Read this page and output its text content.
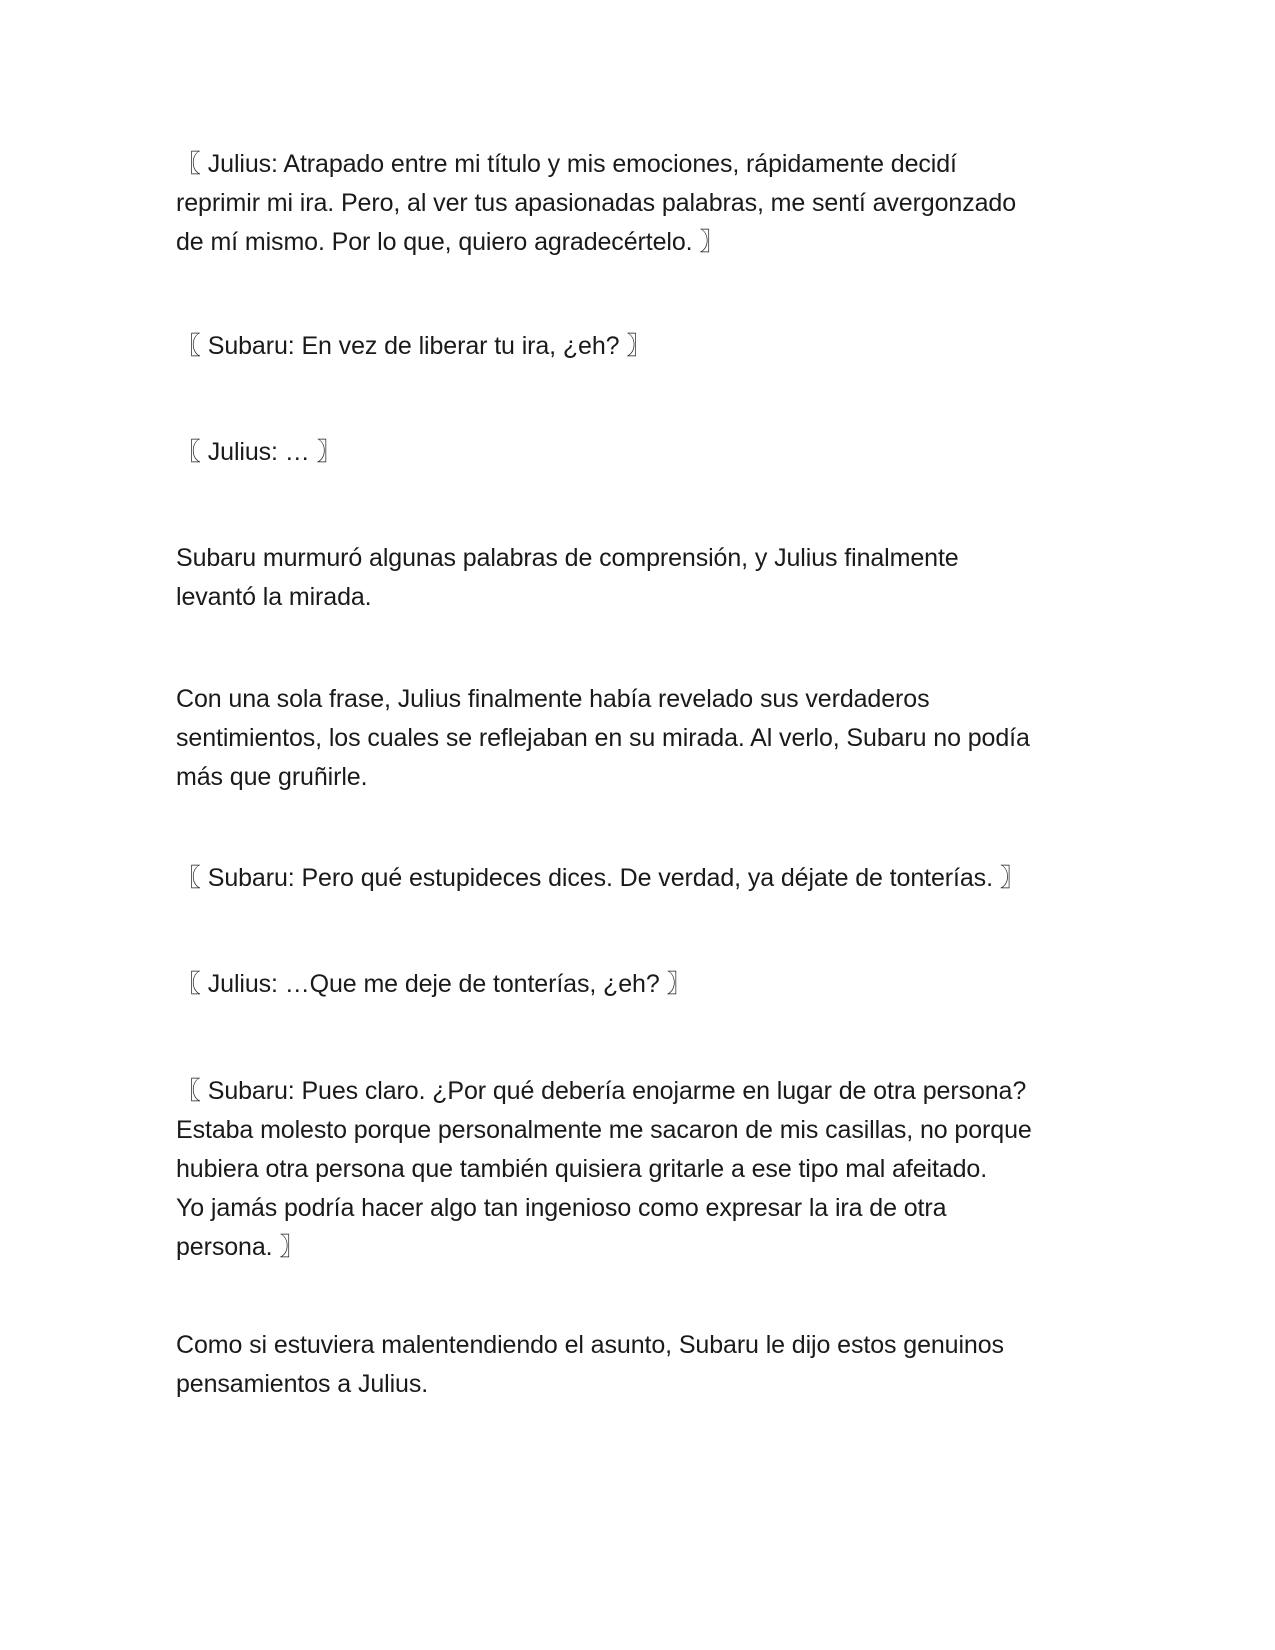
〖 Julius: Atrapado entre mi título y mis emociones, rápidamente decidí
reprimir mi ira. Pero, al ver tus apasionadas palabras, me sentí avergonzado
de mí mismo. Por lo que, quiero agradecértelo. 〗

〖 Subaru: En vez de liberar tu ira, ¿eh? 〗

〖 Julius: … 〗

Subaru murmuró algunas palabras de comprensión, y Julius finalmente
levantó la mirada.

Con una sola frase, Julius finalmente había revelado sus verdaderos
sentimientos, los cuales se reflejaban en su mirada. Al verlo, Subaru no podía
más que gruñirle.

〖 Subaru: Pero qué estupideces dices. De verdad, ya déjate de tonterías. 〗

〖 Julius: …Que me deje de tonterías, ¿eh? 〗

〖 Subaru: Pues claro. ¿Por qué debería enojarme en lugar de otra persona?
Estaba molesto porque personalmente me sacaron de mis casillas, no porque
hubiera otra persona que también quisiera gritarle a ese tipo mal afeitado.
Yo jamás podría hacer algo tan ingenioso como expresar la ira de otra
persona. 〗

Como si estuviera malentendiendo el asunto, Subaru le dijo estos genuinos
pensamientos a Julius.
